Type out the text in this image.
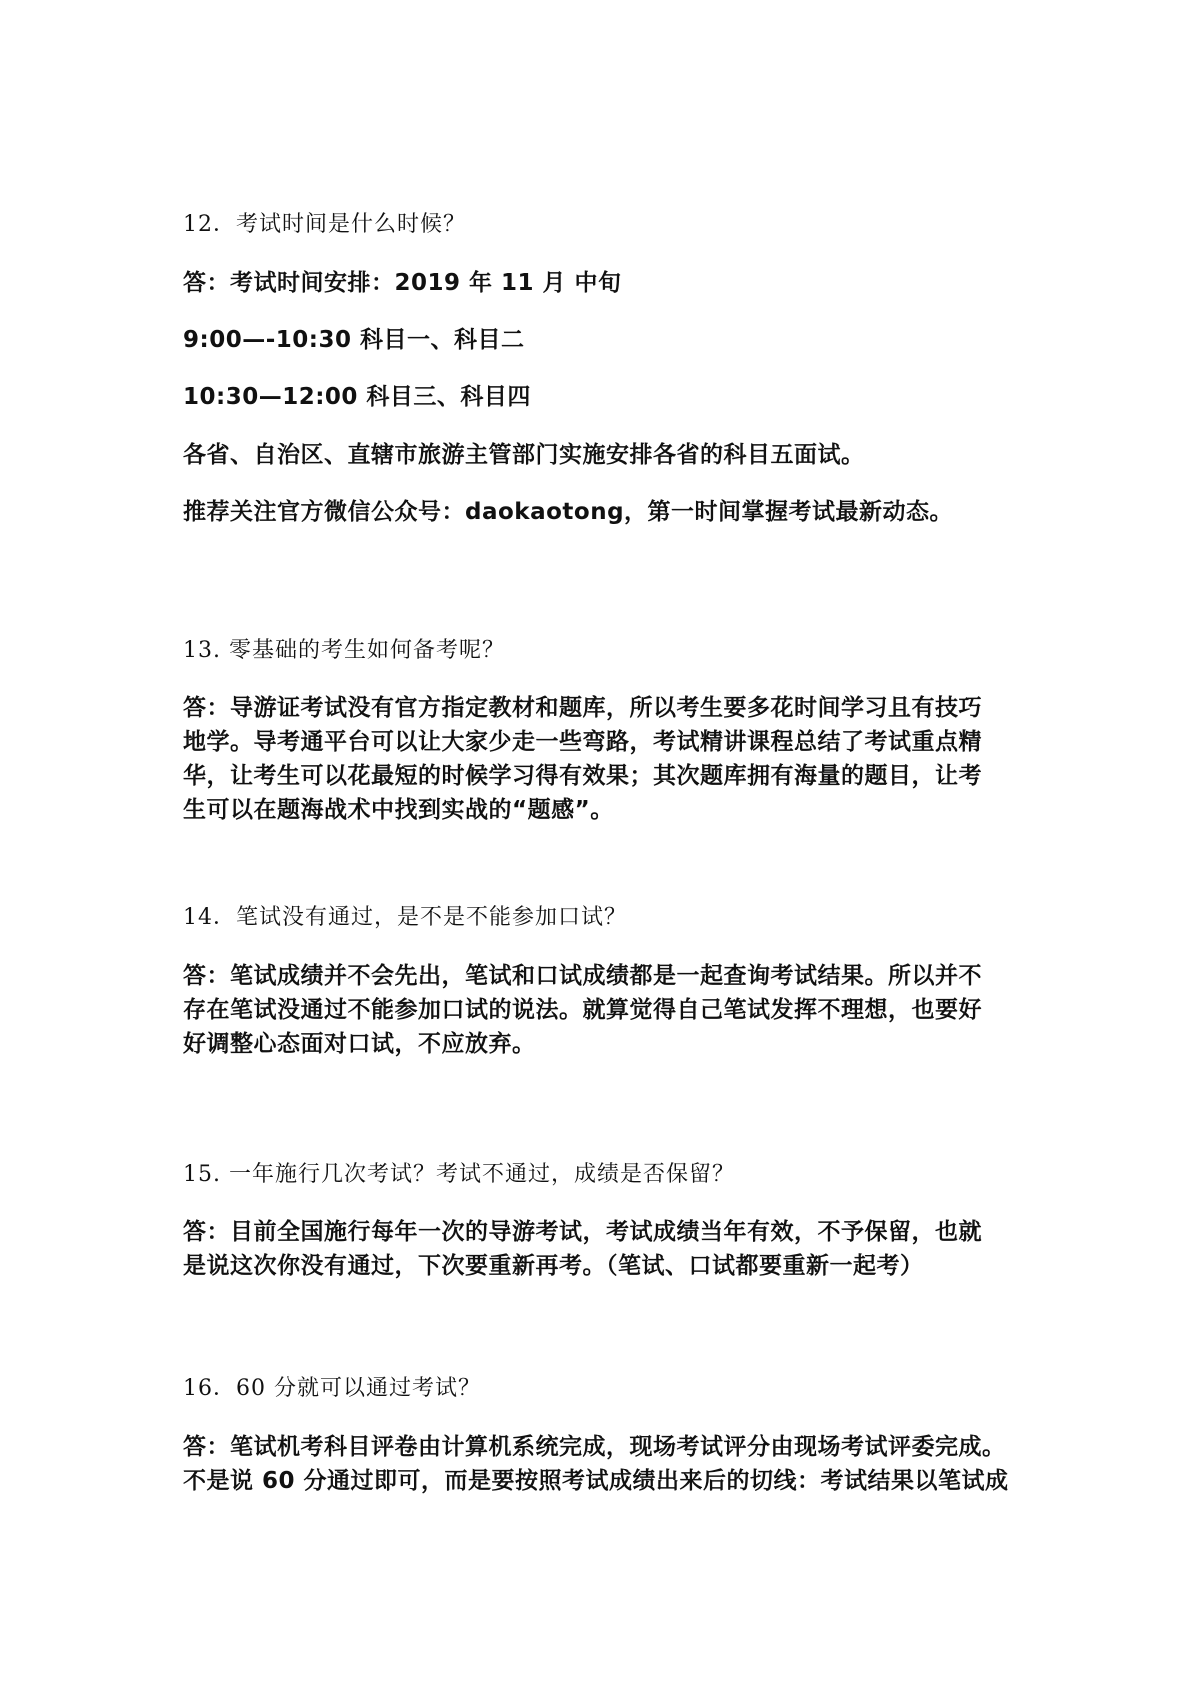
12．考试时间是什么时候？
答：考试时间安排：2019 年 11 月 中旬
9:00—-10:30 科目一、科目二
10:30—12:00 科目三、科目四
各省、自治区、直辖市旅游主管部门实施安排各省的科目五面试。
推荐关注官方微信公众号：daokaotong，第一时间掌握考试最新动态。
13. 零基础的考生如何备考呢？

答：导游证考试没有官方指定教材和题库，所以考生要多花时间学习且有技巧

地学。导考通平台可以让大家少走一些弯路，考试精讲课程总结了考试重点精

华，让考生可以花最短的时候学习得有效果；其次题库拥有海量的题目，让考

生可以在题海战术中找到实战的“题感”。

14．笔试没有通过，是不是不能参加口试？

答：笔试成绩并不会先出，笔试和口试成绩都是一起查询考试结果。所以并不

存在笔试没通过不能参加口试的说法。就算觉得自己笔试发挥不理想，也要好

好调整心态面对口试，不应放弃。

15. 一年施行几次考试？考试不通过，成绩是否保留？

答：目前全国施行每年一次的导游考试，考试成绩当年有效，不予保留，也就

是说这次你没有通过，下次要重新再考。（笔试、口试都要重新一起考）

16．60 分就可以通过考试？

答：笔试机考科目评卷由计算机系统完成，现场考试评分由现场考试评委完成。

不是说 60 分通过即可，而是要按照考试成绩出来后的切线：考试结果以笔试成
